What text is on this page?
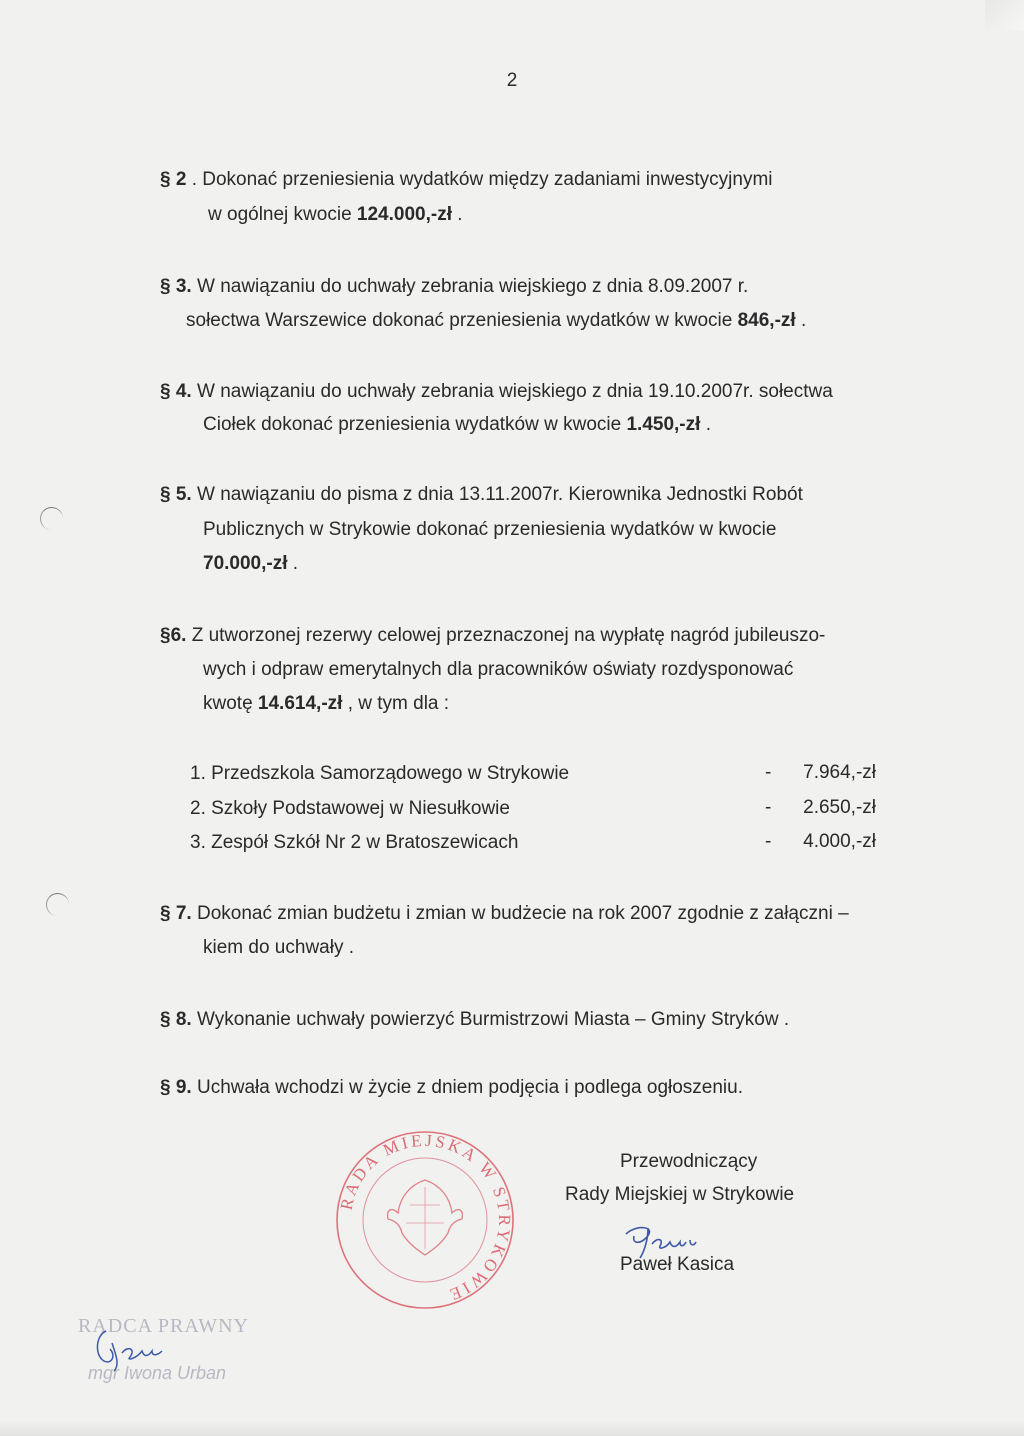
2
§ 2 . Dokonać przeniesienia wydatków między zadaniami inwestycyjnymi
w ogólnej kwocie 124.000,-zł .
§ 3. W nawiązaniu do uchwały zebrania wiejskiego z dnia 8.09.2007 r.
sołectwa Warszewice dokonać przeniesienia wydatków w kwocie 846,-zł .
§ 4. W nawiązaniu do uchwały zebrania wiejskiego z dnia 19.10.2007r. sołectwa
Ciołek dokonać przeniesienia wydatków w kwocie 1.450,-zł .
§ 5. W nawiązaniu do pisma z dnia 13.11.2007r. Kierownika Jednostki Robót
Publicznych w Strykowie dokonać przeniesienia wydatków w kwocie
70.000,-zł .
§6. Z utworzonej rezerwy celowej przeznaczonej na wypłatę nagród jubileuszo-
wych i odpraw emerytalnych dla pracowników oświaty rozdysponować
kwotę 14.614,-zł , w tym dla :
1. Przedszkola Samorządowego w Strykowie	-	7.964,-zł
2. Szkoły Podstawowej w Niesułkowie	-	2.650,-zł
3. Zespół Szkół Nr 2 w Bratoszewicach	-	4.000,-zł
§ 7. Dokonać zmian budżetu i zmian w budżecie na rok 2007 zgodnie z załączni –
kiem do uchwały .
§ 8. Wykonanie uchwały powierzyć Burmistrzowi Miasta – Gminy Stryków .
§ 9. Uchwała wchodzi w życie z dniem podjęcia i podlega ogłoszeniu.
Przewodniczący
Rady Miejskiej w Strykowie
Paweł Kasica
RADA MIEJSKA W STRYKOWIE
RADCA PRAWNY
mgr Iwona Urban
